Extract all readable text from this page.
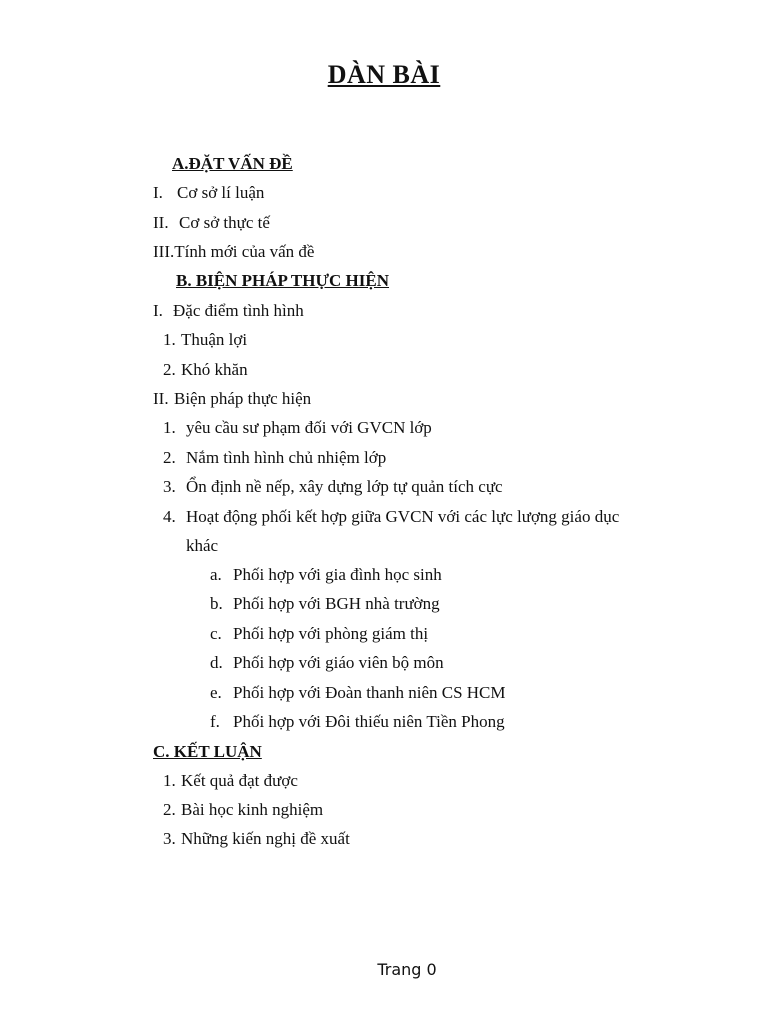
DÀN BÀI
A.ĐẶT VẤN ĐỀ
I. Cơ sở lí luận
II. Cơ sở thực tế
III.Tính mới của vấn đề
B. BIỆN PHÁP THỰC HIỆN
I. Đặc điểm tình hình
1. Thuận lợi
2. Khó khăn
II. Biện pháp thực hiện
1. yêu cầu sư phạm đối với GVCN lớp
2. Nắm tình hình chủ nhiệm lớp
3. Ổn định nề nếp, xây dựng lớp tự quản tích cực
4. Hoạt động phối kết hợp giữa GVCN với các lực lượng giáo dục
khác
a. Phối hợp với gia đình học sinh
b. Phối hợp với BGH nhà trường
c. Phối hợp với phòng giám thị
d. Phối hợp với giáo viên bộ môn
e. Phối hợp với Đoàn thanh niên CS HCM
f. Phối hợp với Đôi thiếu niên Tiền Phong
C. KẾT LUẬN
1. Kết quả đạt được
2. Bài học kinh nghiệm
3. Những kiến nghị đề xuất
Trang 0
